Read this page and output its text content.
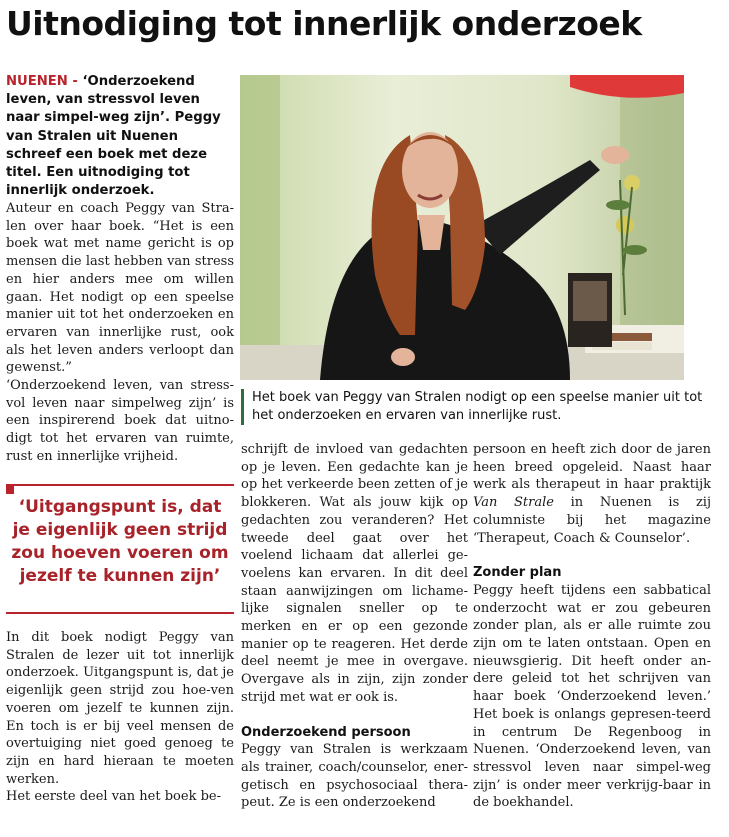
Uitnodiging tot innerlijk onderzoek
NUENEN - ‘Onderzoekend leven, van stressvol leven naar simpel-weg zijn’. Peggy van Stralen uit Nuenen schreef een boek met deze titel. Een uitnodiging tot innerlijk onderzoek.

Auteur en coach Peggy van Stra-len over haar boek. “Het is een boek wat met name gericht is op mensen die last hebben van stress en hier anders mee om willen gaan. Het nodigt op een speelse manier uit tot het onderzoeken en ervaren van innerlijke rust, ook als het leven anders verloopt dan gewenst.”

‘Onderzoekend leven, van stress-vol leven naar simpelweg zijn’ is een inspirerend boek dat uitno-digt tot het ervaren van ruimte, rust en innerlijke vrijheid.

‘Uitgangspunt is, dat je eigenlijk geen strijd zou hoeven voeren om jezelf te kunnen zijn’

In dit boek nodigt Peggy van Stralen de lezer uit tot innerlijk onderzoek. Uitgangspunt is, dat je eigenlijk geen strijd zou hoe-ven voeren om jezelf te kunnen zijn. En toch is er bij veel mensen de overtuiging niet goed genoeg te zijn en hard hieraan te moeten werken.

Het eerste deel van het boek be-

Het boek van Peggy van Stralen nodigt op een speelse manier uit tot het onderzoeken en ervaren van innerlijke rust.

schrijft de invloed van gedachten op je leven. Een gedachte kan je op het verkeerde been zetten of je blokkeren. Wat als jouw kijk op gedachten zou veranderen? Het tweede deel gaat over het voelend lichaam dat allerlei ge-voelens kan ervaren. In dit deel staan aanwijzingen om lichame-lijke signalen sneller op te merken en er op een gezonde manier op te reageren. Het derde deel neemt je mee in overgave. Overgave als in zijn, zijn zonder strijd met wat er ook is.

Onderzoekend persoon

Peggy van Stralen is werkzaam als trainer, coach/counselor, ener-getisch en psychosociaal thera-peut. Ze is een onderzoekend

persoon en heeft zich door de jaren heen breed opgeleid. Naast haar werk als therapeut in haar praktijk Van Strale in Nuenen is zij columniste bij het magazine ‘Therapeut, Coach & Counselor’.

Zonder plan

Peggy heeft tijdens een sabbatical onderzocht wat er zou gebeuren zonder plan, als er alle ruimte zou zijn om te laten ontstaan. Open en nieuwsgierig. Dit heeft onder an-dere geleid tot het schrijven van haar boek ‘Onderzoekend leven.’ Het boek is onlangs gepresen-teerd in centrum De Regenboog in Nuenen. ‘Onderzoekend leven, van stressvol leven naar simpel-weg zijn’ is onder meer verkrijg-baar in de boekhandel.
